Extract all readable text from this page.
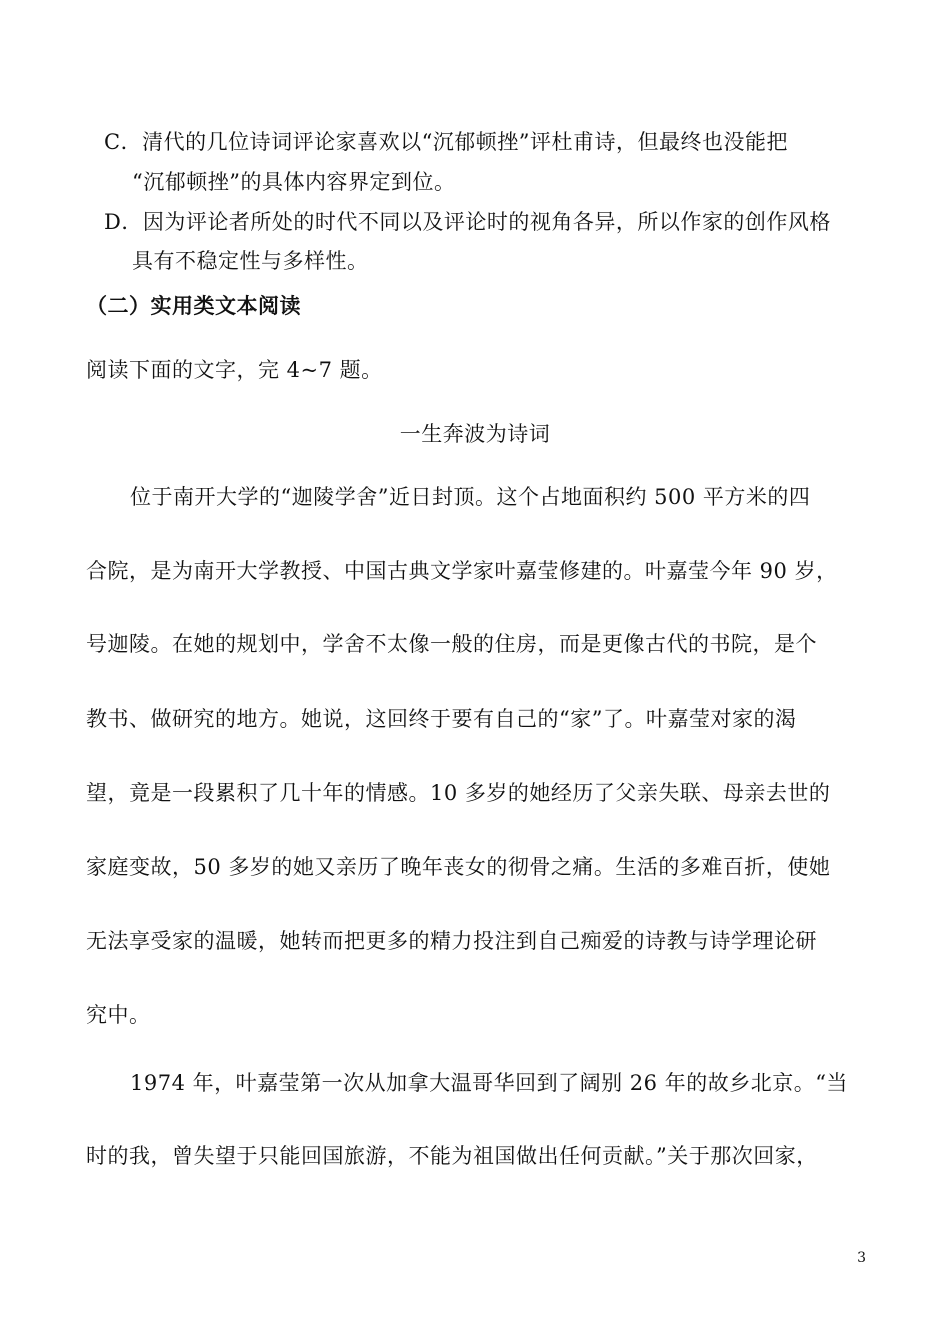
C．清代的几位诗词评论家喜欢以“沉郁顿挫”评杜甫诗，但最终也没能把
“沉郁顿挫”的具体内容界定到位。
D．因为评论者所处的时代不同以及评论时的视角各异，所以作家的创作风格
具有不稳定性与多样性。
（二）实用类文本阅读
阅读下面的文字，完 4~7 题。
一生奔波为诗词
位于南开大学的“迦陵学舍”近日封顶。这个占地面积约 500 平方米的四
合院，是为南开大学教授、中国古典文学家叶嘉莹修建的。叶嘉莹今年 90 岁，
号迦陵。在她的规划中，学舍不太像一般的住房，而是更像古代的书院，是个
教书、做研究的地方。她说，这回终于要有自己的“家”了。叶嘉莹对家的渴
望，竟是一段累积了几十年的情感。10 多岁的她经历了父亲失联、母亲去世的
家庭变故，50 多岁的她又亲历了晚年丧女的彻骨之痛。生活的多难百折，使她
无法享受家的温暖，她转而把更多的精力投注到自己痴爱的诗教与诗学理论研
究中。
1974 年，叶嘉莹第一次从加拿大温哥华回到了阔别 26 年的故乡北京。“当
时的我，曾失望于只能回国旅游，不能为祖国做出任何贡献。”关于那次回家，
3
